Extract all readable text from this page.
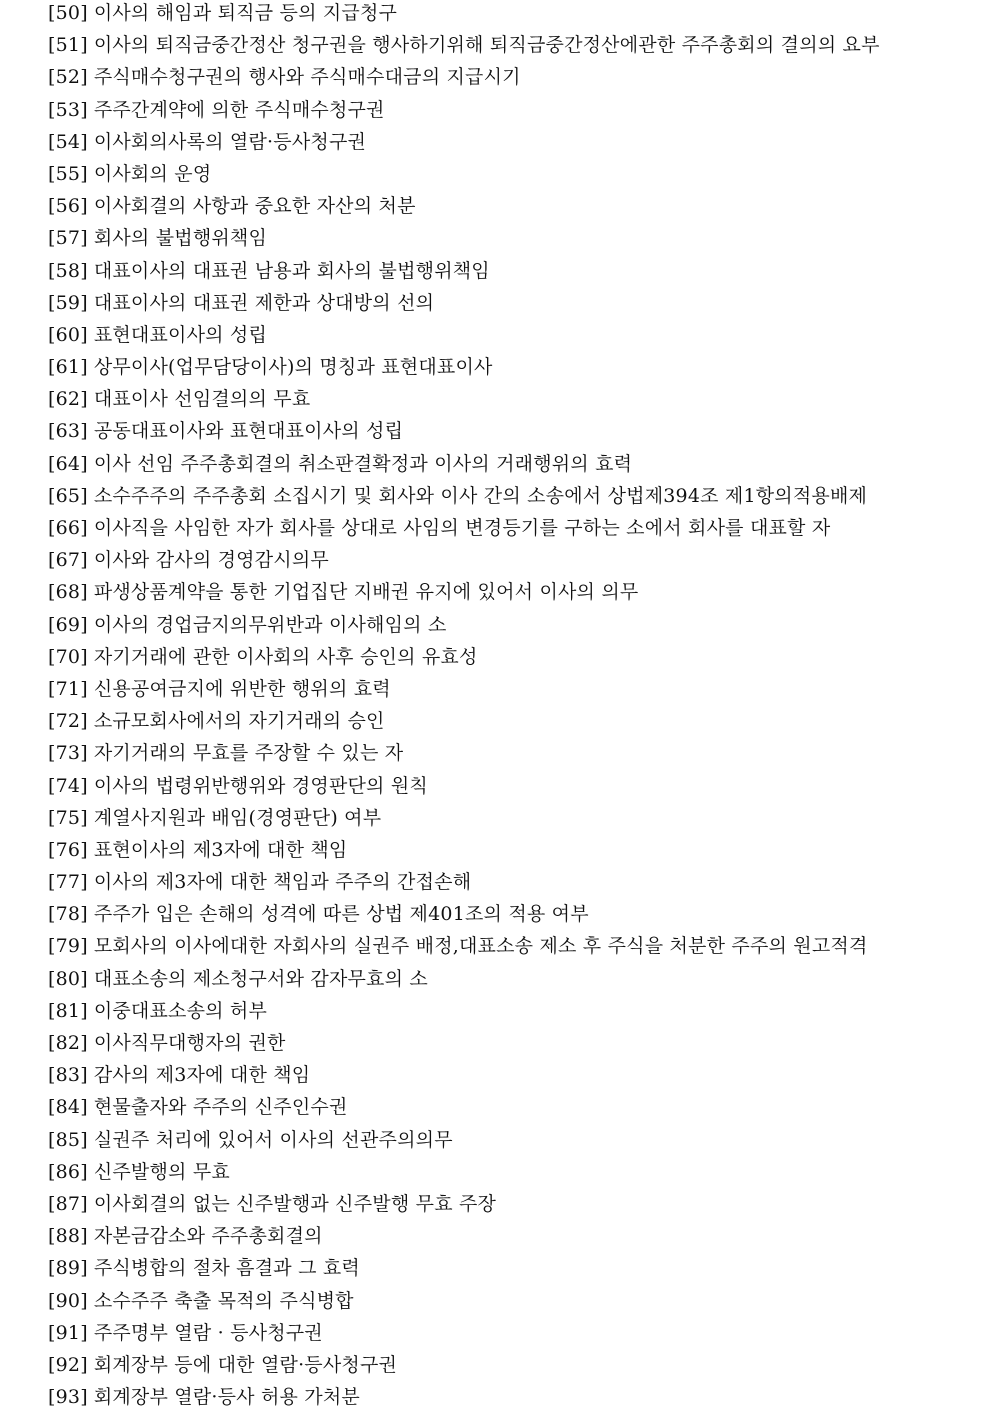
[50] 이사의 해임과 퇴직금 등의 지급청구
[51] 이사의 퇴직금중간정산 청구권을 행사하기위해 퇴직금중간정산에관한 주주총회의 결의의 요부
[52] 주식매수청구권의 행사와 주식매수대금의 지급시기
[53] 주주간계약에 의한 주식매수청구권
[54] 이사회의사록의 열람·등사청구권
[55] 이사회의 운영
[56] 이사회결의 사항과 중요한 자산의 처분
[57] 회사의 불법행위책임
[58] 대표이사의 대표권 남용과 회사의 불법행위책임
[59] 대표이사의 대표권 제한과 상대방의 선의
[60] 표현대표이사의 성립
[61] 상무이사(업무담당이사)의 명칭과 표현대표이사
[62] 대표이사 선임결의의 무효
[63] 공동대표이사와 표현대표이사의 성립
[64] 이사 선임 주주총회결의 취소판결확정과 이사의 거래행위의 효력
[65] 소수주주의 주주총회 소집시기 및 회사와 이사 간의 소송에서 상법제394조 제1항의적용배제
[66] 이사직을 사임한 자가 회사를 상대로 사임의 변경등기를 구하는 소에서 회사를 대표할 자
[67] 이사와 감사의 경영감시의무
[68] 파생상품계약을 통한 기업집단 지배권 유지에 있어서 이사의 의무
[69] 이사의 경업금지의무위반과 이사해임의 소
[70] 자기거래에 관한 이사회의 사후 승인의 유효성
[71] 신용공여금지에 위반한 행위의 효력
[72] 소규모회사에서의 자기거래의 승인
[73] 자기거래의 무효를 주장할 수 있는 자
[74] 이사의 법령위반행위와 경영판단의 원칙
[75] 계열사지원과 배임(경영판단) 여부
[76] 표현이사의 제3자에 대한 책임
[77] 이사의 제3자에 대한 책임과 주주의 간접손해
[78] 주주가 입은 손해의 성격에 따른 상법 제401조의 적용 여부
[79] 모회사의 이사에대한 자회사의 실권주 배정,대표소송 제소 후 주식을 처분한 주주의 원고적격
[80] 대표소송의 제소청구서와 감자무효의 소
[81] 이중대표소송의 허부
[82] 이사직무대행자의 권한
[83] 감사의 제3자에 대한 책임
[84] 현물출자와 주주의 신주인수권
[85] 실권주 처리에 있어서 이사의 선관주의의무
[86] 신주발행의 무효
[87] 이사회결의 없는 신주발행과 신주발행 무효 주장
[88] 자본금감소와 주주총회결의
[89] 주식병합의 절차 흠결과 그 효력
[90] 소수주주 축출 목적의 주식병합
[91] 주주명부 열람 · 등사청구권
[92] 회계장부 등에 대한 열람·등사청구권
[93] 회계장부 열람·등사 허용 가처분
